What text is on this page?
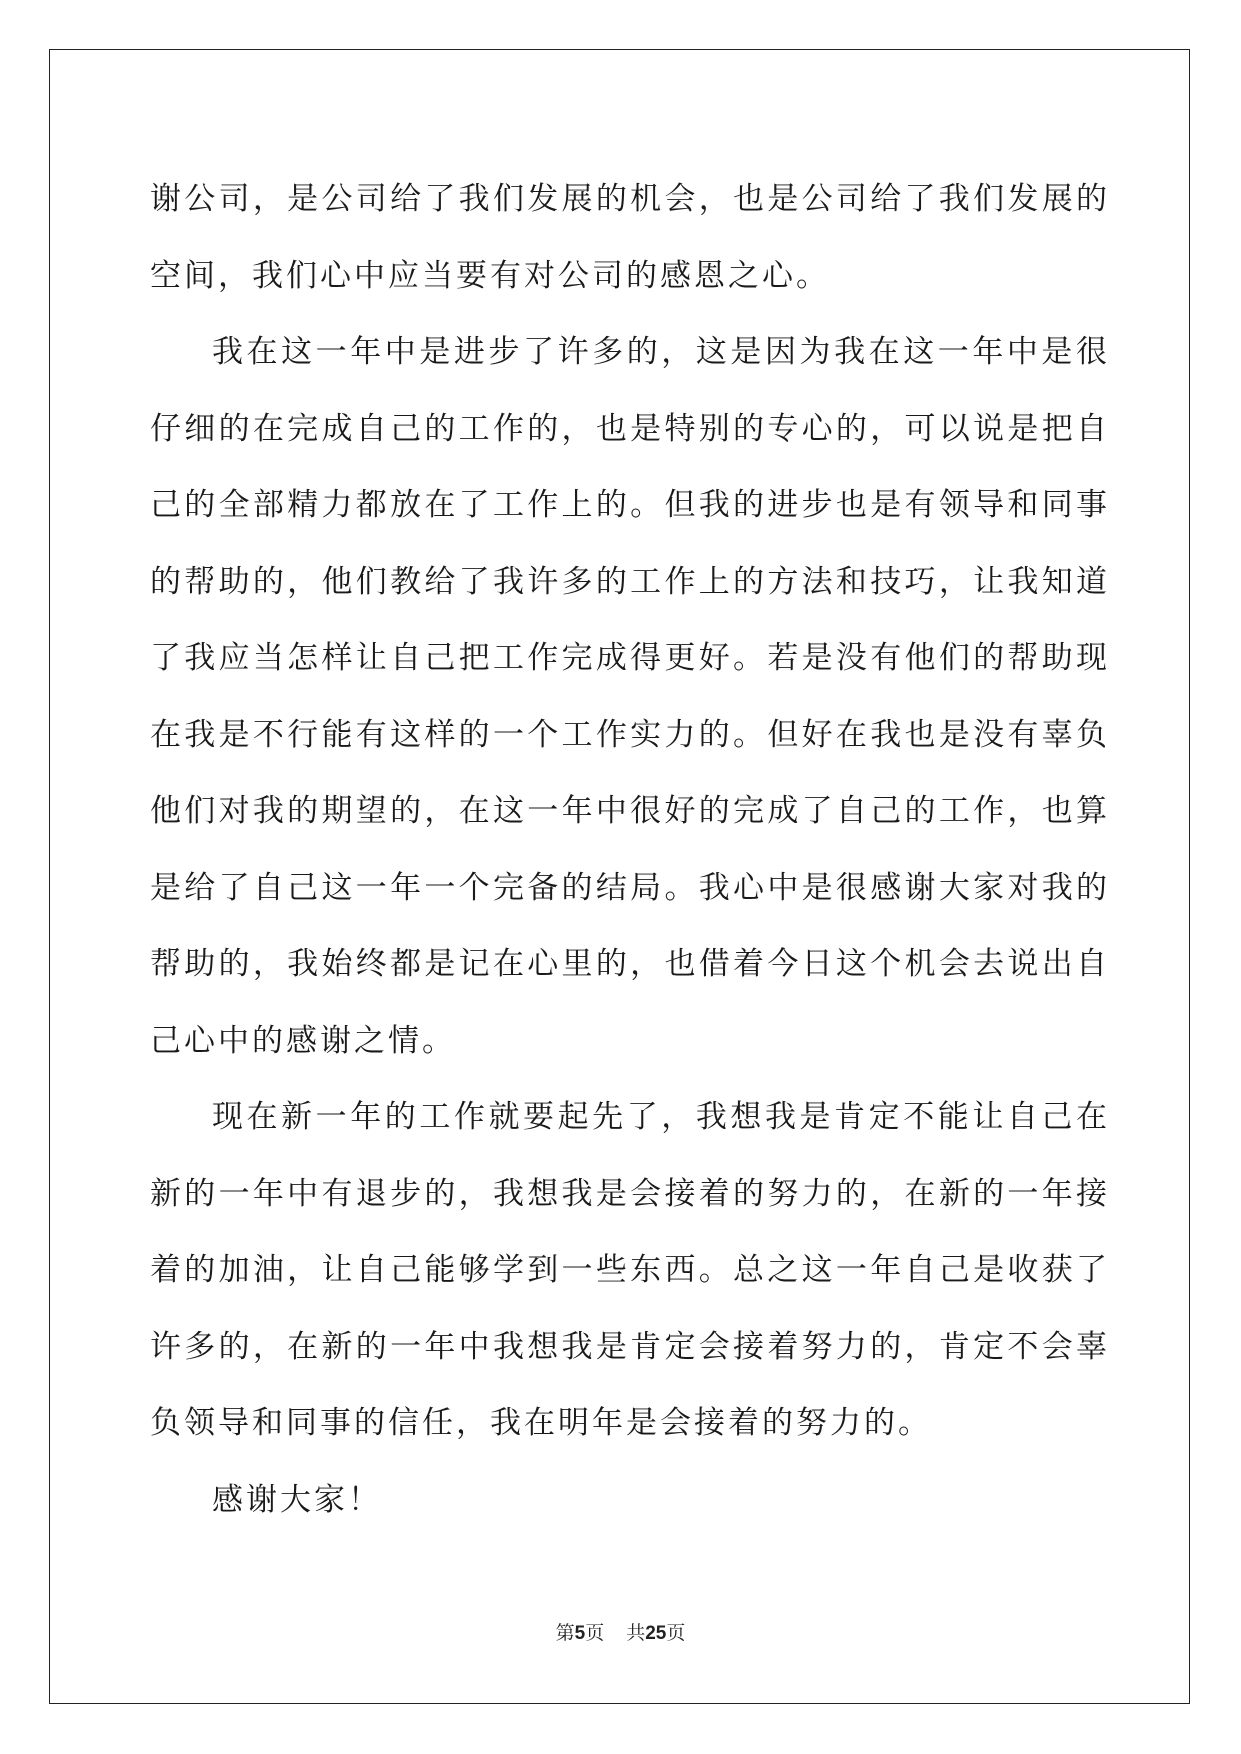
谢公司，是公司给了我们发展的机会，也是公司给了我们发展的空间，我们心中应当要有对公司的感恩之心。

我在这一年中是进步了许多的，这是因为我在这一年中是很仔细的在完成自己的工作的，也是特别的专心的，可以说是把自己的全部精力都放在了工作上的。但我的进步也是有领导和同事的帮助的，他们教给了我许多的工作上的方法和技巧，让我知道了我应当怎样让自己把工作完成得更好。若是没有他们的帮助现在我是不行能有这样的一个工作实力的。但好在我也是没有辜负他们对我的期望的，在这一年中很好的完成了自己的工作，也算是给了自己这一年一个完备的结局。我心中是很感谢大家对我的帮助的，我始终都是记在心里的，也借着今日这个机会去说出自己心中的感谢之情。

现在新一年的工作就要起先了，我想我是肯定不能让自己在新的一年中有退步的，我想我是会接着的努力的，在新的一年接着的加油，让自己能够学到一些东西。总之这一年自己是收获了许多的，在新的一年中我想我是肯定会接着努力的，肯定不会辜负领导和同事的信任，我在明年是会接着的努力的。

感谢大家！

第5页 共25页
